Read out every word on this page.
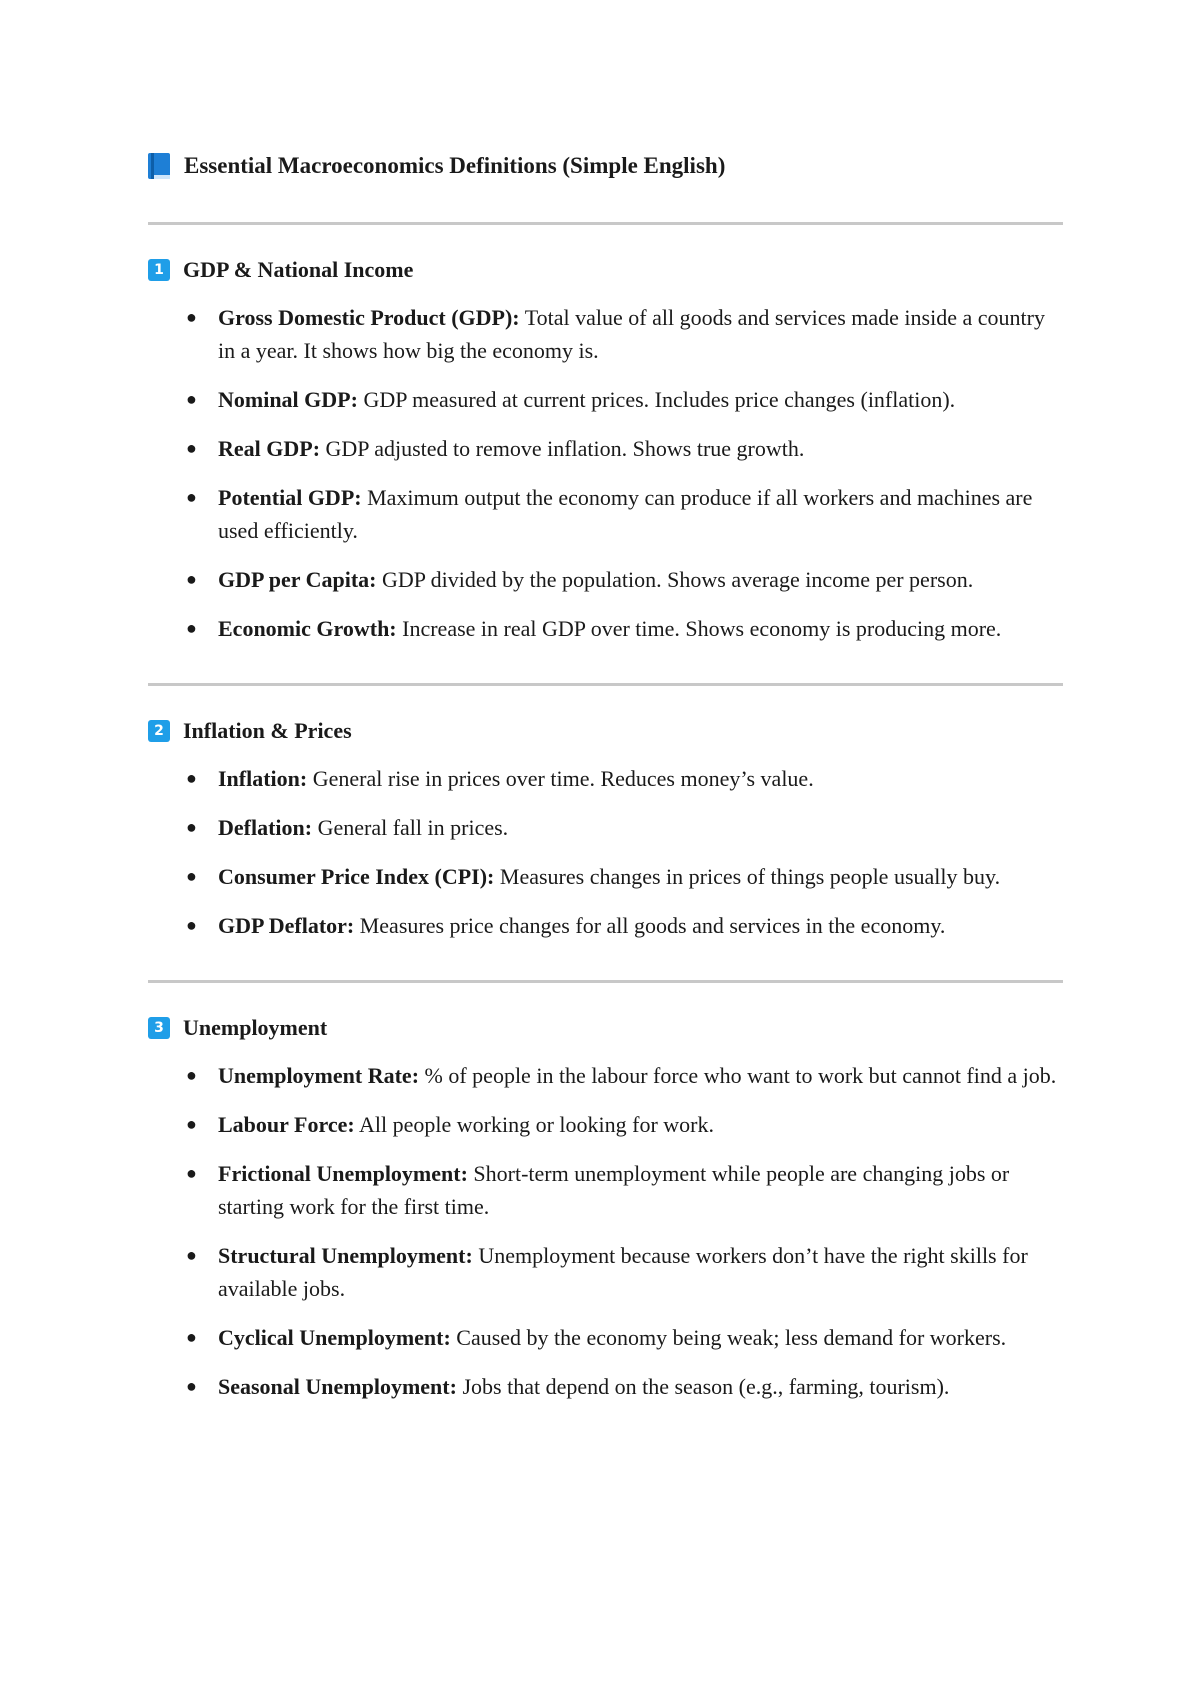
Essential Macroeconomics Definitions (Simple English)
1 GDP & National Income
● Gross Domestic Product (GDP): Total value of all goods and services made inside a country in a year. It shows how big the economy is.
● Nominal GDP: GDP measured at current prices. Includes price changes (inflation).
● Real GDP: GDP adjusted to remove inflation. Shows true growth.
● Potential GDP: Maximum output the economy can produce if all workers and machines are used efficiently.
● GDP per Capita: GDP divided by the population. Shows average income per person.
● Economic Growth: Increase in real GDP over time. Shows economy is producing more.
2 Inflation & Prices
● Inflation: General rise in prices over time. Reduces money’s value.
● Deflation: General fall in prices.
● Consumer Price Index (CPI): Measures changes in prices of things people usually buy.
● GDP Deflator: Measures price changes for all goods and services in the economy.
3 Unemployment
● Unemployment Rate: % of people in the labour force who want to work but cannot find a job.
● Labour Force: All people working or looking for work.
● Frictional Unemployment: Short-term unemployment while people are changing jobs or starting work for the first time.
● Structural Unemployment: Unemployment because workers don’t have the right skills for available jobs.
● Cyclical Unemployment: Caused by the economy being weak; less demand for workers.
● Seasonal Unemployment: Jobs that depend on the season (e.g., farming, tourism).
